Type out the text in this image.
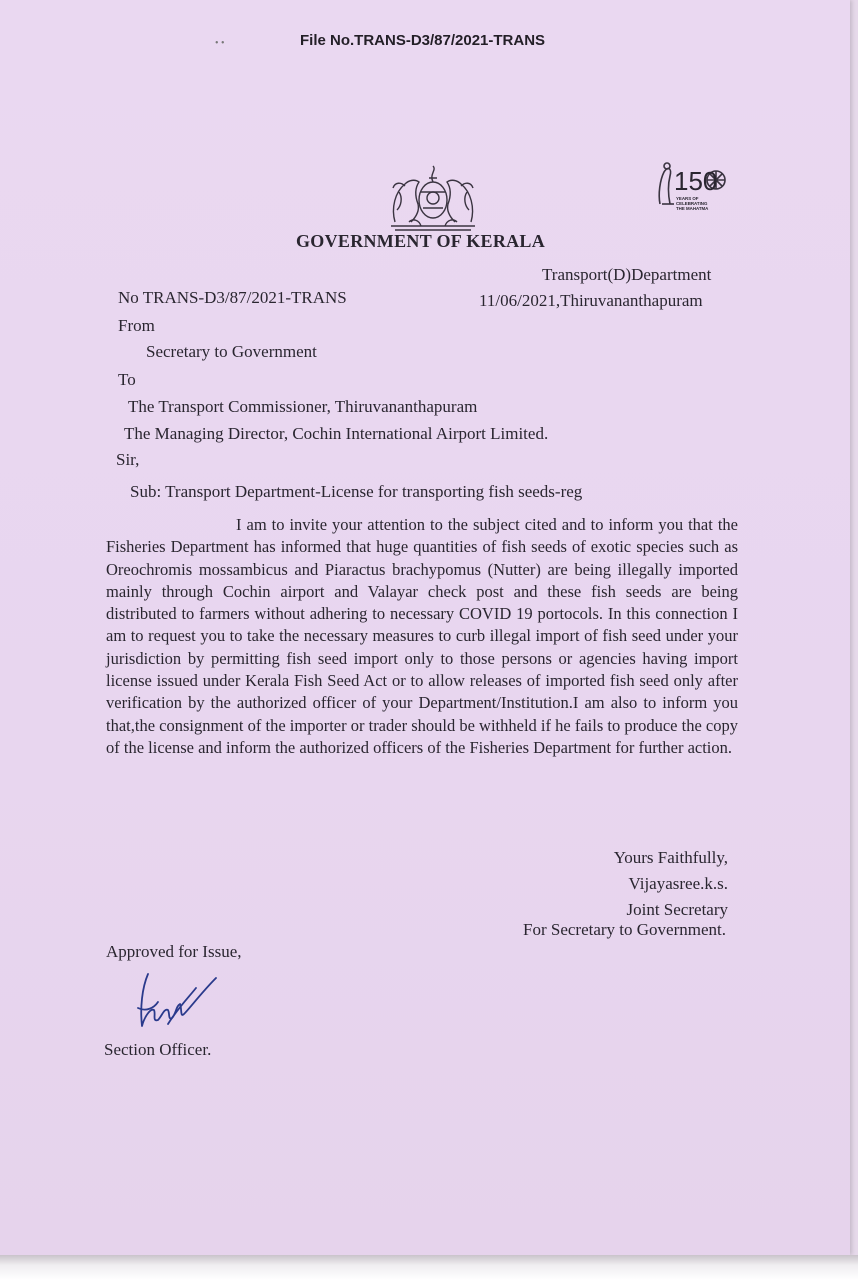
• •	File No.TRANS-D3/87/2021-TRANS
150
YEARS OF
CELEBRATING
THE MAHATMA
GOVERNMENT OF KERALA
Transport(D)Department
No TRANS-D3/87/2021-TRANS	11/06/2021,Thiruvananthapuram
From
Secretary to Government
To
The Transport Commissioner, Thiruvananthapuram
The Managing Director, Cochin International Airport Limited.
Sir,
Sub: Transport Department-License for transporting fish seeds-reg
I am to invite your attention to the subject cited and to inform you that the Fisheries Department has informed that huge quantities of fish seeds of exotic species such as Oreochromis mossambicus and Piaractus brachypomus (Nutter) are being illegally imported mainly through Cochin airport and Valayar check post and these fish seeds are being distributed to farmers without adhering to necessary COVID 19 portocols. In this connection I am to request you to take the necessary measures to curb illegal import of fish seed under your jurisdiction by permitting fish seed import only to those persons or agencies having import license issued under Kerala Fish Seed Act or to allow releases of imported fish seed only after verification by the authorized officer of your Department/Institution.I am also to inform you that,the consignment of the importer or trader should be withheld if he fails to produce the copy of the license and inform the authorized officers of the Fisheries Department for further action.
Yours Faithfully,
Vijayasree.k.s.
Joint Secretary
For Secretary to Government.
Approved for Issue,
Section Officer.
